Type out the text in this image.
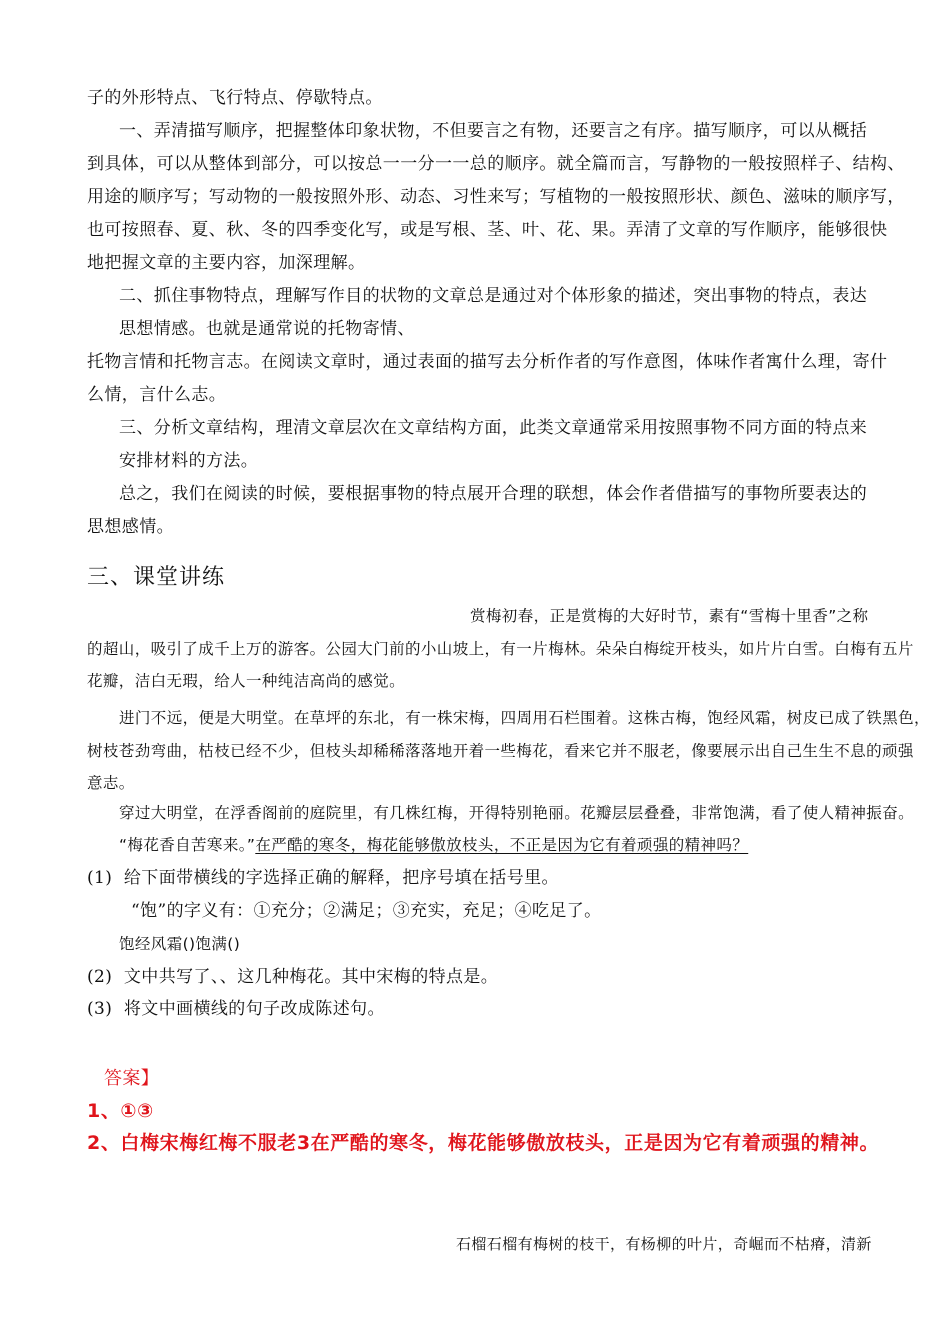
子的外形特点、飞行特点、停歇特点。
一、弄清描写顺序，把握整体印象状物，不但要言之有物，还要言之有序。描写顺序，可以从概括
到具体，可以从整体到部分，可以按总一一分一一总的顺序。就全篇而言，写静物的一般按照样子、结构、
用途的顺序写；写动物的一般按照外形、动态、习性来写；写植物的一般按照形状、颜色、滋味的顺序写，
也可按照春、夏、秋、冬的四季变化写，或是写根、茎、叶、花、果。弄清了文章的写作顺序，能够很快
地把握文章的主要内容，加深理解。
二、抓住事物特点，理解写作目的状物的文章总是通过对个体形象的描述，突出事物的特点，表达
思想情感。也就是通常说的托物寄情、
托物言情和托物言志。在阅读文章时，通过表面的描写去分析作者的写作意图，体味作者寓什么理，寄什
么情，言什么志。
三、分析文章结构，理清文章层次在文章结构方面，此类文章通常采用按照事物不同方面的特点来
安排材料的方法。
总之，我们在阅读的时候，要根据事物的特点展开合理的联想，体会作者借描写的事物所要表达的
思想感情。
三、课堂讲练
赏梅初春，正是赏梅的大好时节，素有“雪梅十里香”之称
的超山，吸引了成千上万的游客。公园大门前的小山坡上，有一片梅林。朵朵白梅绽开枝头，如片片白雪。白梅有五片
花瓣，洁白无瑕，给人一种纯洁高尚的感觉。
进门不远，便是大明堂。在草坪的东北，有一株宋梅，四周用石栏围着。这株古梅，饱经风霜，树皮已成了铁黑色，
树枝苍劲弯曲，枯枝已经不少，但枝头却稀稀落落地开着一些梅花，看来它并不服老，像要展示出自己生生不息的顽强
意志。
穿过大明堂，在浮香阁前的庭院里，有几株红梅，开得特别艳丽。花瓣层层叠叠，非常饱满，看了使人精神振奋。
“梅花香自苦寒来。”在严酷的寒冬，梅花能够傲放枝头，不正是因为它有着顽强的精神吗？
(1) 给下面带横线的字选择正确的解释，把序号填在括号里。
“饱”的字义有：①充分；②满足；③充实，充足；④吃足了。
饱经风霜()饱满()
(2) 文中共写了、、这几种梅花。其中宋梅的特点是。
(3) 将文中画横线的句子改成陈述句。
答案】
1、①③
2、白梅宋梅红梅不服老3在严酷的寒冬，梅花能够傲放枝头，正是因为它有着顽强的精神。
石榴石榴有梅树的枝干，有杨柳的叶片，奇崛而不枯瘠，清新
